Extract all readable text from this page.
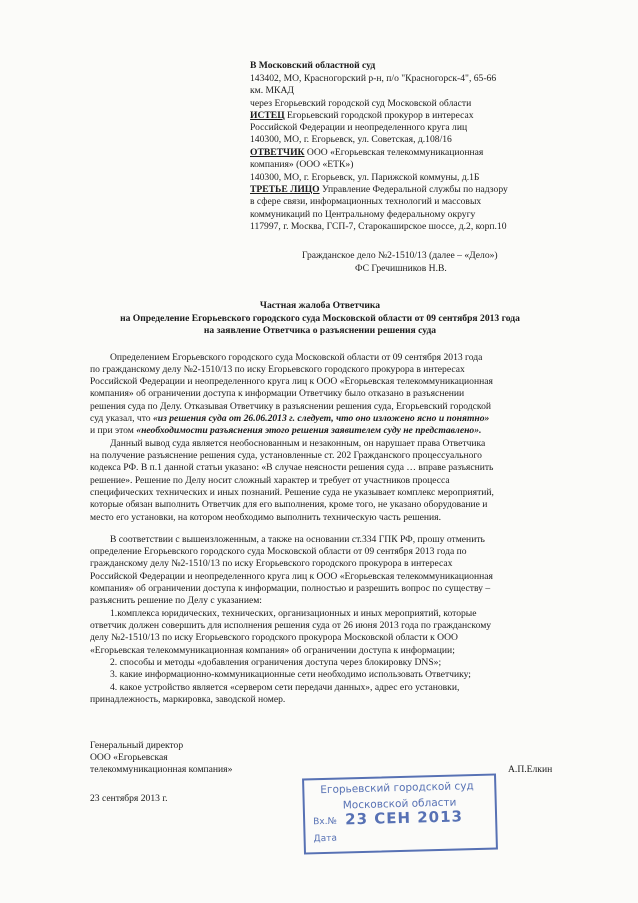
В Московский областной суд
143402, МО, Красногорский р-н, п/о "Красногорск-4", 65-66
км. МКАД
через Егорьевский городской суд Московской области
ИСТЕЦ Егорьевский городской прокурор в интересах
Российской Федерации и неопределенного круга лиц
140300, МО, г. Егорьевск, ул. Советская, д.108/16
ОТВЕТЧИК ООО «Егорьевская телекоммуникационная
компания» (ООО «ЕТК»)
140300, МО, г. Егорьевск, ул. Парижской коммуны, д.1Б
ТРЕТЬЕ ЛИЦО Управление Федеральной службы по надзору
в сфере связи, информационных технологий и массовых
коммуникаций по Центральному федеральному округу
117997, г. Москва, ГСП-7, Старокаширское шоссе, д.2, корп.10
Гражданское дело №2-1510/13 (далее – «Дело»)
ФС Гречишников Н.В.
Частная жалоба Ответчика
на Определение Егорьевского городского суда Московской области от 09 сентября 2013 года
на заявление Ответчика о разъяснении решения суда
Определением Егорьевского городского суда Московской области от 09 сентября 2013 года
по гражданскому делу №2-1510/13 по иску Егорьевского городского прокурора в интересах
Российской Федерации и неопределенного круга лиц к ООО «Егорьевская телекоммуникационная
компания» об ограничении доступа к информации Ответчику было отказано в разъяснении
решения суда по Делу. Отказывая Ответчику в разъяснении решения суда, Егорьевский городской
суд указал, что «из решения суда от 26.06.2013 г. следует, что оно изложено ясно и понятно»
и при этом «необходимости разъяснения этого решения заявителем суду не представлено».
Данный вывод суда является необоснованным и незаконным, он нарушает права Ответчика
на получение разъяснение решения суда, установленные ст. 202 Гражданского процессуального
кодекса РФ. В п.1 данной статьи указано: «В случае неясности решения суда … вправе разъяснить
решение». Решение по Делу носит сложный характер и требует от участников процесса
специфических технических и иных познаний. Решение суда не указывает комплекс мероприятий,
которые обязан выполнить Ответчик для его выполнения, кроме того, не указано оборудование и
место его установки, на котором необходимо выполнить техническую часть решения.
В соответствии с вышеизложенным, а также на основании ст.334 ГПК РФ, прошу отменить
определение Егорьевского городского суда Московской области от 09 сентября 2013 года по
гражданскому делу №2-1510/13 по иску Егорьевского городского прокурора в интересах
Российской Федерации и неопределенного круга лиц к ООО «Егорьевская телекоммуникационная
компания» об ограничении доступа к информации, полностью и разрешить вопрос по существу –
разъяснить решение по Делу с указанием:
1.комплекса юридических, технических, организационных и иных мероприятий, которые
ответчик должен совершить для исполнения решения суда от 26 июня 2013 года по гражданскому
делу №2-1510/13 по иску Егорьевского городского прокурора Московской области к ООО
«Егорьевская телекоммуникационная компания» об ограничении доступа к информации;
2. способы и методы «добавления ограничения доступа через блокировку DNS»;
3. какие информационно-коммуникационные сети необходимо использовать Ответчику;
4. какое устройство является «сервером сети передачи данных», адрес его установки,
принадлежность, маркировка, заводской номер.
Генеральный директор
ООО «Егорьевская
телекоммуникационная компания»	А.П.Елкин
23 сентября 2013 г.
Егорьевский городской суд
Московской области
Вх.№ 23 СЕН 2013
Дата
